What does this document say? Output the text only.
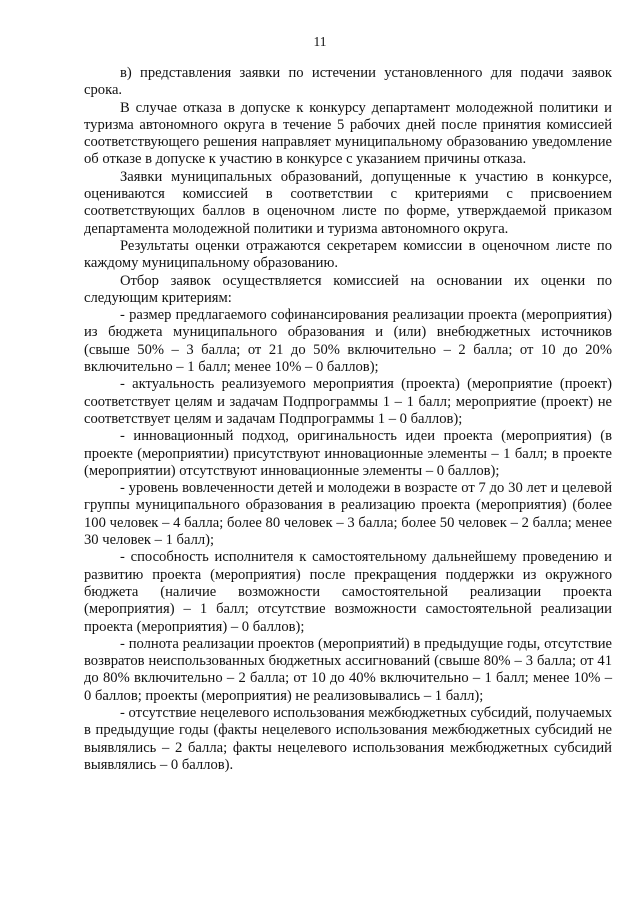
11

в) представления заявки по истечении установленного для подачи заявок срока.

В случае отказа в допуске к конкурсу департамент молодежной политики и туризма автономного округа в течение 5 рабочих дней после принятия комиссией соответствующего решения направляет муниципальному образованию уведомление об отказе в допуске к участию в конкурсе с указанием причины отказа.

Заявки муниципальных образований, допущенные к участию в конкурсе, оцениваются комиссией в соответствии с критериями с присвоением соответствующих баллов в оценочном листе по форме, утверждаемой приказом департамента молодежной политики и туризма автономного округа.

Результаты оценки отражаются секретарем комиссии в оценочном листе по каждому муниципальному образованию.

Отбор заявок осуществляется комиссией на основании их оценки по следующим критериям:

- размер предлагаемого софинансирования реализации проекта (мероприятия) из бюджета муниципального образования и (или) внебюджетных источников (свыше 50% – 3 балла; от 21 до 50% включительно – 2 балла; от 10 до 20% включительно – 1 балл; менее 10% – 0 баллов);

- актуальность реализуемого мероприятия (проекта) (мероприятие (проект) соответствует целям и задачам Подпрограммы 1 – 1 балл; мероприятие (проект) не соответствует целям и задачам Подпрограммы 1 – 0 баллов);

- инновационный подход, оригинальность идеи проекта (мероприятия) (в проекте (мероприятии) присутствуют инновационные элементы – 1 балл; в проекте (мероприятии) отсутствуют инновационные элементы – 0 баллов);

- уровень вовлеченности детей и молодежи в возрасте от 7 до 30 лет и целевой группы муниципального образования в реализацию проекта (мероприятия) (более 100 человек – 4 балла; более 80 человек – 3 балла; более 50 человек – 2 балла; менее 30 человек – 1 балл);

- способность исполнителя к самостоятельному дальнейшему проведению и развитию проекта (мероприятия) после прекращения поддержки из окружного бюджета (наличие возможности самостоятельной реализации проекта (мероприятия) – 1 балл; отсутствие возможности самостоятельной реализации проекта (мероприятия) – 0 баллов);

- полнота реализации проектов (мероприятий) в предыдущие годы, отсутствие возвратов неиспользованных бюджетных ассигнований (свыше 80% – 3 балла; от 41 до 80% включительно – 2 балла; от 10 до 40% включительно – 1 балл; менее 10% – 0 баллов; проекты (мероприятия) не реализовывались – 1 балл);

- отсутствие нецелевого использования межбюджетных субсидий, получаемых в предыдущие годы (факты нецелевого использования межбюджетных субсидий не выявлялись – 2 балла; факты нецелевого использования межбюджетных субсидий выявлялись – 0 баллов).
